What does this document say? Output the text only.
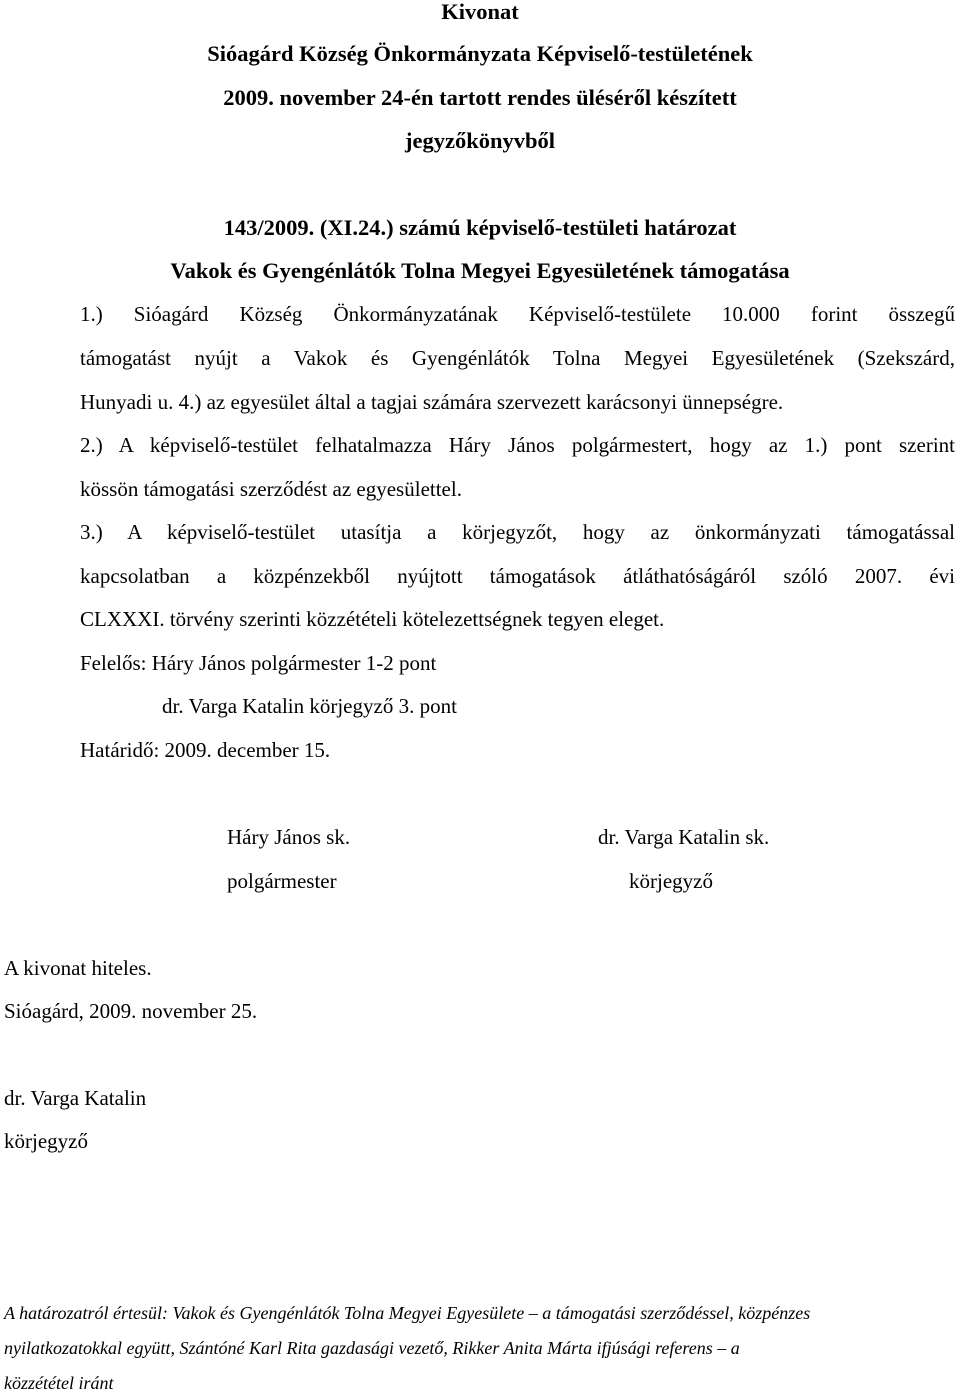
Kivonat
Sióagárd Község Önkormányzata Képviselő-testületének
2009. november 24-én tartott rendes üléséről készített
jegyzőkönyvből
143/2009. (XI.24.) számú képviselő-testületi határozat
Vakok és Gyengénlátók Tolna Megyei Egyesületének támogatása
1.) Sióagárd Község Önkormányzatának Képviselő-testülete 10.000 forint összegű
támogatást nyújt a Vakok és Gyengénlátók Tolna Megyei Egyesületének (Szekszárd,
Hunyadi u. 4.) az egyesület által a tagjai számára szervezett karácsonyi ünnepségre.
2.) A képviselő-testület felhatalmazza Háry János polgármestert, hogy az 1.) pont szerint
kössön támogatási szerződést az egyesülettel.
3.) A képviselő-testület utasítja a körjegyzőt, hogy az önkormányzati támogatással
kapcsolatban a közpénzekből nyújtott támogatások átláthatóságáról szóló 2007. évi
CLXXXI. törvény szerinti közzétételi kötelezettségnek tegyen eleget.
Felelős: Háry János polgármester 1-2 pont
dr. Varga Katalin körjegyző 3. pont
Határidő: 2009. december 15.
Háry János sk.
polgármester
dr. Varga Katalin sk.
körjegyző
A kivonat hiteles.
Sióagárd, 2009. november 25.
dr. Varga Katalin
körjegyző
A határozatról értesül: Vakok és Gyengénlátók Tolna Megyei Egyesülete – a támogatási szerződéssel, közpénzes
nyilatkozatokkal együtt, Szántóné Karl Rita gazdasági vezető, Rikker Anita Márta ifjúsági referens – a
közzététel iránt
